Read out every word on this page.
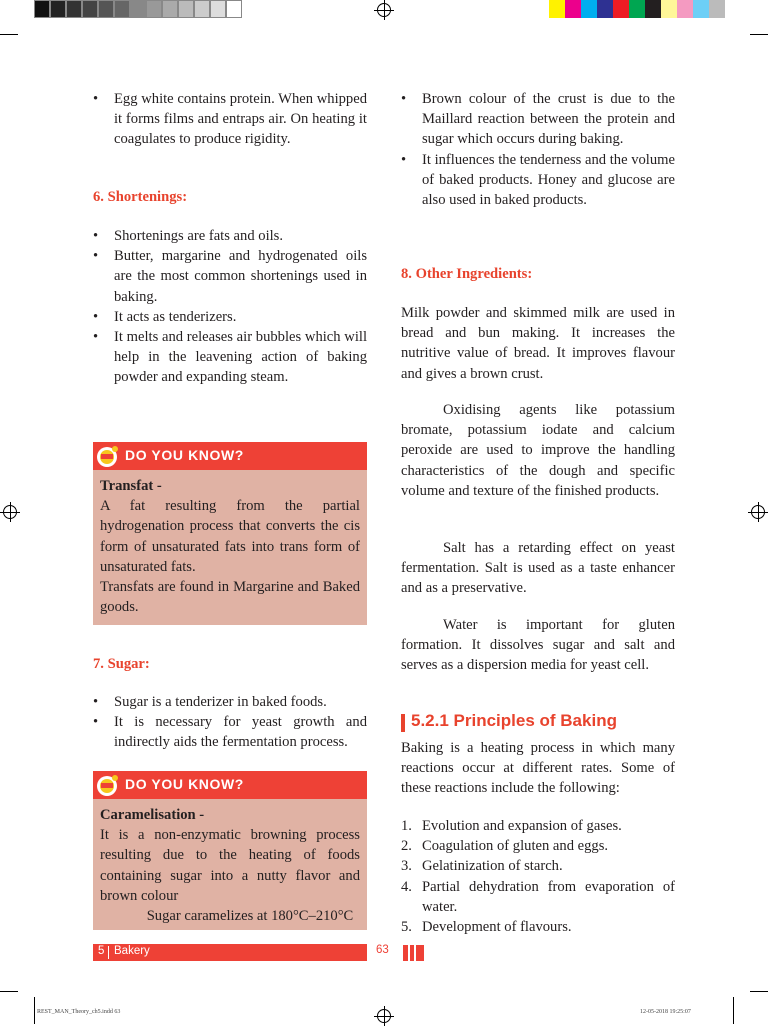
• Egg white contains protein. When whipped it forms films and entraps air. On heating it coagulates to produce rigidity.
6. Shortenings:
• Shortenings are fats and oils.
• Butter, margarine and hydrogenated oils are the most common shortenings used in baking.
• It acts as tenderizers.
• It melts and releases air bubbles which will help in the leavening action of baking powder and expanding steam.
DO YOU KNOW?
Transfat -
A fat resulting from the partial hydrogenation process that converts the cis form of unsaturated fats into trans form of unsaturated fats.
Transfats are found in Margarine and Baked goods.
7. Sugar:
• Sugar is a tenderizer in baked foods.
• It is necessary for yeast growth and indirectly aids the fermentation process.
DO YOU KNOW?
Caramelisation -
It is a non-enzymatic browning process resulting due to the heating of foods containing sugar into a nutty flavor and brown colour
Sugar caramelizes at 180°C–210°C
• Brown colour of the crust is due to the Maillard reaction between the protein and sugar which occurs during baking.
• It influences the tenderness and the volume of baked products. Honey and glucose are also used in baked products.
8. Other Ingredients:
Milk powder and skimmed milk are used in bread and bun making. It increases the nutritive value of bread. It improves flavour and gives a brown crust.
Oxidising agents like potassium bromate, potassium iodate and calcium peroxide are used to improve the handling characteristics of the dough and specific volume and texture of the finished products.
Salt has a retarding effect on yeast fermentation. Salt is used as a taste enhancer and as a preservative.
Water is important for gluten formation. It dissolves sugar and salt and serves as a dispersion media for yeast cell.
5.2.1 Principles of Baking
Baking is a heating process in which many reactions occur at different rates. Some of these reactions include the following:
1. Evolution and expansion of gases.
2. Coagulation of gluten and eggs.
3. Gelatinization of starch.
4. Partial dehydration from evaporation of water.
5. Development of flavours.
5 Bakery	63
REST_MAN_Theory_ch5.indd 63	12-05-2018 19:25:07
